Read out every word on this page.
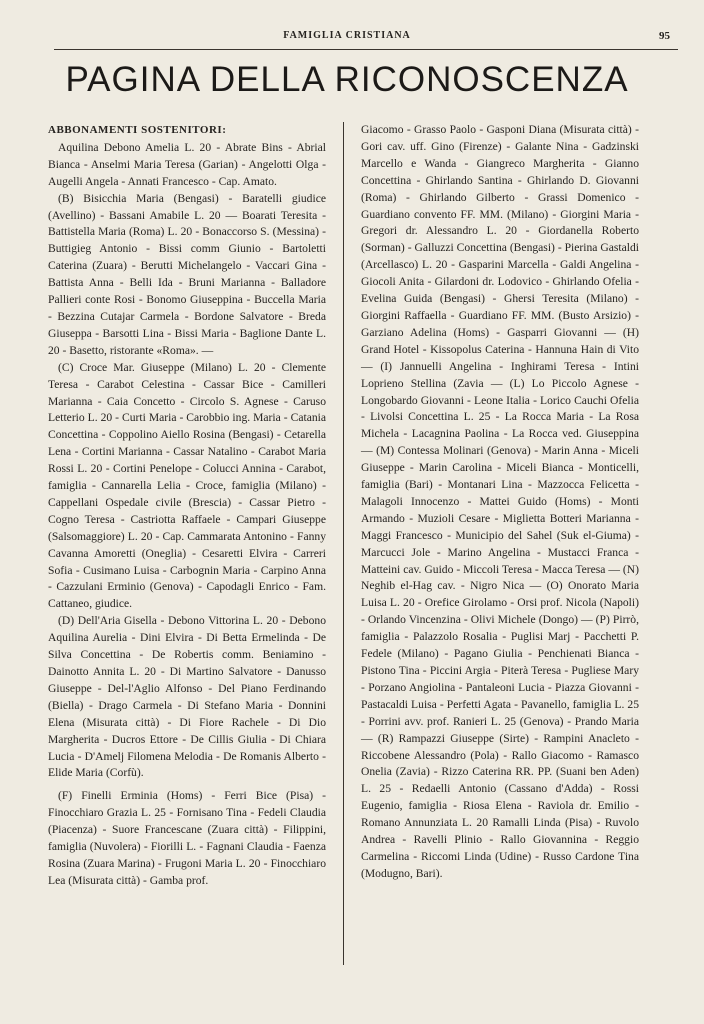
FAMIGLIA CRISTIANA	95
PAGINA DELLA RICONOSCENZA

ABBONAMENTI SOSTENITORI:

Aquilina Debono Amelia L. 20 - Abrate Bins - Abrial Bianca - Anselmi Maria Teresa (Garian) - Angelotti Olga - Augelli Angela - Annati Francesco - Cap. Amato.

(B) Bisicchia Maria (Bengasi) - Baratelli giudice (Avellino) - Bassani Amabile L. 20 — Boarati Teresita - Battistella Maria (Roma) L. 20 - Bonaccorso S. (Messina) - Buttigieg Antonio - Bissi comm Giunio - Bartoletti Caterina (Zuara) - Berutti Michelangelo - Vaccari Gina - Battista Anna - Belli Ida - Bruni Marianna - Balladore Pallieri conte Rosi - Bonomo Giuseppina - Buccella Maria - Bezzina Cutajar Carmela - Bordone Salvatore - Breda Giuseppa - Barsotti Lina - Bissi Maria - Baglione Dante L. 20 - Basetto, ristorante «Roma». —

(C) Croce Mar. Giuseppe (Milano) L. 20 - Clemente Teresa - Carabot Celestina - Cassar Bice - Camilleri Marianna - Caia Concetto - Circolo S. Agnese - Caruso Letterio L. 20 - Curti Maria - Carobbio ing. Maria - Catania Concettina - Coppolino Aiello Rosina (Bengasi) - Cetarella Lena - Cortini Marianna - Cassar Natalino - Carabot Maria Rossi L. 20 - Cortini Penelope - Colucci Annina - Carabot, famiglia - Cannarella Lelia - Croce, famiglia (Milano) - Cappellani Ospedale civile (Brescia) - Cassar Pietro - Cogno Teresa - Castriotta Raffaele - Campari Giuseppe (Salsomaggiore) L. 20 - Cap. Cammarata Antonino - Fanny Cavanna Amoretti (Oneglia) - Cesaretti Elvira - Carreri Sofia - Cusimano Luisa - Carbognin Maria - Carpino Anna - Cazzulani Erminio (Genova) - Capodagli Enrico - Fam. Cattaneo, giudice.

(D) Dell'Aria Gisella - Debono Vittorina L. 20 - Debono Aquilina Aurelia - Dini Elvira - Di Bettа Ermelinda - De Silva Concettina - De Robertis comm. Beniamino - Dainotto Annita L. 20 - Di Martino Salvatore - Danusso Giuseppe - Del-l'Aglio Alfonso - Del Piano Ferdinando (Biella) - Drago Carmela - Di Stefano Maria - Donnini Elena (Misurata città) - Di Fiore Rachele - Di Dio Margherita - Ducros Ettore - De Cillis Giulia - Di Chiara Lucia - D'Amelj Filomena Melodia - De Romanis Alberto - Elide Maria (Corfù).

(F) Finelli Erminia (Homs) - Ferri Bice (Pisa) - Finocchiaro Grazia L. 25 - Fornisano Tina - Fedeli Claudia (Piacenza) - Suore Francescane (Zuara città) - Filippini, famiglia (Nuvolera) - Fiorilli L. - Fagnani Claudia - Faenza Rosina (Zuara Marina) - Frugoni Maria L. 20 - Finocchiaro Lea (Misurata città) - Gamba prof.

Giacomo - Grasso Paolo - Gasponi Diana (Misurata città) - Gori cav. uff. Gino (Firenze) - Galante Nina - Gadzinski Marcello e Wanda - Giangreco Margherita - Gianno Concettina - Ghirlando Santina - Ghirlando D. Giovanni (Roma) - Ghirlando Gilberto - Grassi Domenico - Guardiano convento FF. MM. (Milano) - Giorgini Maria - Gregori dr. Alessandro L. 20 - Giordanella Roberto (Sorman) - Galluzzi Concettina (Bengasi) - Pierina Gastaldi (Arcellasco) L. 20 - Gasparini Marcella - Galdi Angelina - Giocoli Anita - Gilardoni dr. Lodovico - Ghirlando Ofelia - Evelina Guida (Bengasi) - Ghersi Teresita (Milano) - Giorgini Raffaella - Guardiano FF. MM. (Busto Arsizio) - Garziano Adelina (Homs) - Gasparri Giovanni — (H) Grand Hotel - Kissopolus Caterina - Hannuna Hain di Vito — (I) Jannuelli Angelina - Inghirami Teresa - Intini Loprieno Stellina (Zavia — (L) Lo Piccolo Agnese - Longobardo Giovanni - Leone Italia - Lorico Cauchi Ofelia - Livolsi Concettina L. 25 - La Rocca Maria - La Rosa Michela - Lacagnina Paolina - La Rocca ved. Giuseppina — (M) Contessa Molinari (Genova) - Marin Anna - Miceli Giuseppe - Marin Carolina - Miceli Bianca - Monticelli, famiglia (Bari) - Montanari Lina - Mazzocca Felicetta - Malagoli Innocenzo - Mattei Guido (Homs) - Monti Armando - Muzioli Cesare - Miglietta Botteri Marianna - Maggi Francesco - Municipio del Sahel (Suk el-Giuma) - Marcucci Jole - Marino Angelina - Mustacci Franca - Mattеini cav. Guido - Miccoli Teresa - Macca Teresa — (N) Neghib el-Hag cav. - Nigro Nica — (O) Onorato Maria Luisa L. 20 - Orefice Girolamo - Orsi prof. Nicola (Napoli) - Orlando Vincenzina - Olivi Michele (Dongo) — (P) Pirrò, famiglia - Palazzolo Rosalia - Puglisi Marj - Pacchetti P. Fedele (Milano) - Pagano Giulia - Penchienati Bianca - Pistono Tina - Piccini Argia - Piterà Teresa - Pugliese Mary - Porzano Angiolina - Pantaleoni Lucia - Piazza Giovanni - Pastacaldi Luisa - Perfetti Agata - Pavanello, famiglia L. 25 - Porrini avv. prof. Ranieri L. 25 (Genova) - Prando Maria — (R) Rampazzi Giuseppe (Sirte) - Rampini Anacleto - Riccobene Alessandro (Pola) - Rallo Giacomo - Ramasco Onelia (Zavia) - Rizzo Caterina RR. PP. (Suani ben Aden) L. 25 - Redaelli Antonio (Cassano d'Adda) - Rossi Eugenio, famiglia - Riosa Elena - Raviola dr. Emilio - Romano Annunziata L. 20 Ramalli Linda (Pisa) - Ruvolo Andrea - Ravelli Plinio - Rallo Giovannina - Reggio Carmelina - Riccomi Linda (Udine) - Russo Cardone Tina (Modugno, Bari).
